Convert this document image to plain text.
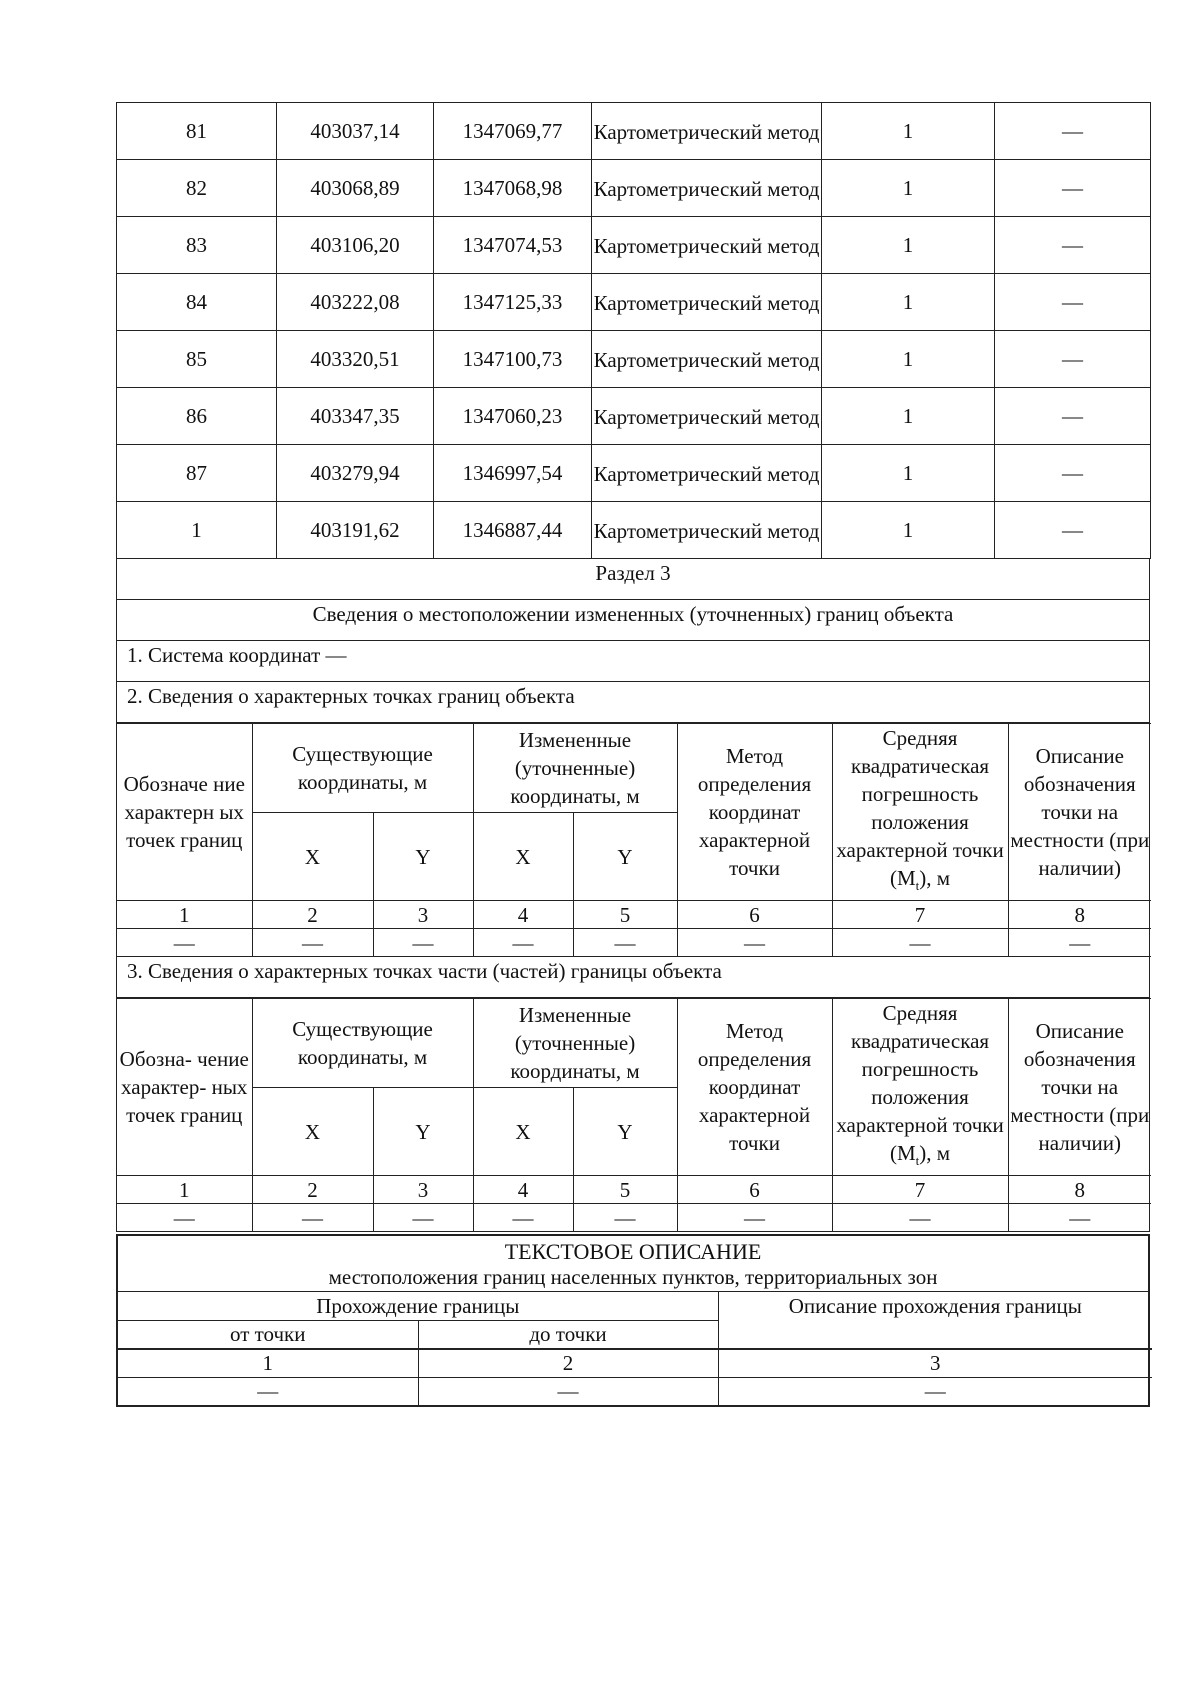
81	403037,14	1347069,77	Картометрический метод	1	—
82	403068,89	1347068,98	Картометрический метод	1	—
83	403106,20	1347074,53	Картометрический метод	1	—
84	403222,08	1347125,33	Картометрический метод	1	—
85	403320,51	1347100,73	Картометрический метод	1	—
86	403347,35	1347060,23	Картометрический метод	1	—
87	403279,94	1346997,54	Картометрический метод	1	—
1	403191,62	1346887,44	Картометрический метод	1	—
Раздел 3
Сведения о местоположении измененных (уточненных) границ объекта
1. Система координат —
2. Сведения о характерных точках границ объекта
Обозначе ние характерн ых точек границ	Существующие координаты, м		Измененные (уточненные) координаты, м		Метод определения координат характерной точки	Средняя квадратическая погрешность положения характерной точки $(M_t)$, м	Описание обозначения точки на местности (при наличии)
	X	Y	X	Y			
1	2	3	4	5	6	7	8
—	—	—	—	—	—	—	—
3. Сведения о характерных точках части (частей) границы объекта
Обозна- чение характер- ных точек границ	Существующие координаты, м		Измененные (уточненные) координаты, м		Метод определения координат характерной точки	Средняя квадратическая погрешность положения характерной точки $(M_t)$, м	Описание обозначения точки на местности (при наличии)
	X	Y	X	Y			
1	2	3	4	5	6	7	8
—	—	—	—	—	—	—	—
ТЕКСТОВОЕ ОПИСАНИЕ
местоположения границ населенных пунктов, территориальных зон
Прохождение границы		Описание прохождения границы
от точки	до точки	
1	2	3
—	—	—
